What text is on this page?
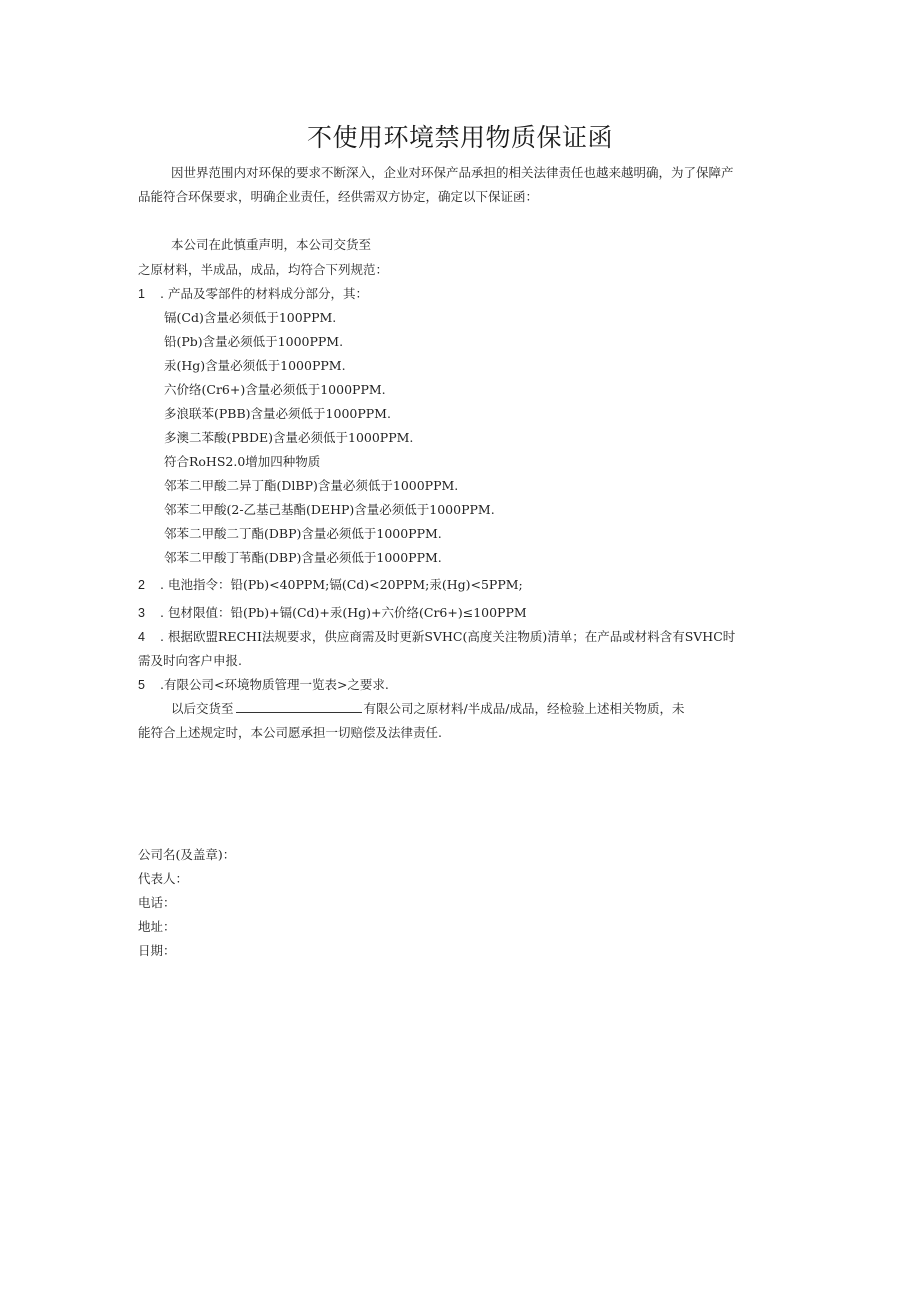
不使用环境禁用物质保证函
因世界范围内对环保的要求不断深入，企业对环保产品承担的相关法律责任也越来越明确，为了保障产
品能符合环保要求，明确企业责任，经供需双方协定，确定以下保证函：
本公司在此慎重声明，本公司交货至
之原材料，半成品，成品，均符合下列规范：
1 . 产品及零部件的材料成分部分，其：
镉(Cd)含量必须低于100PPM.
铅(Pb)含量必须低于1000PPM.
汞(Hg)含量必须低于1000PPM.
六价络(Cr6+)含量必须低于1000PPM.
多浪联苯(PBB)含量必须低于1000PPM.
多澳二苯酸(PBDE)含量必须低于1000PPM.
符合RoHS2.0增加四种物质
邻苯二甲酸二异丁酯(DlBP)含量必须低于1000PPM.
邻苯二甲酸(2-乙基己基酯(DEHP)含量必须低于1000PPM.
邻苯二甲酸二丁酯(DBP)含量必须低于1000PPM.
邻苯二甲酸丁苇酯(DBP)含量必须低于1000PPM.
2 . 电池指令：铅(Pb)<40PPM;镉(Cd)<20PPM;汞(Hg)<5PPM;
3 . 包材限值：铅(Pb)+镉(Cd)+汞(Hg)+六价络(Cr6+)≤100PPM
4 . 根据欧盟RECHI法规要求，供应商需及时更新SVHC(高度关注物质)清单；在产品或材料含有SVHC时
需及时向客户申报.
5 .有限公司<环境物质管理一览表>之要求.
以后交货至	有限公司之原材料/半成品/成品，经检验上述相关物质，未
能符合上述规定时，本公司愿承担一切赔偿及法律责任.
公司名(及盖章)：
代表人：
电话：
地址：
日期：
